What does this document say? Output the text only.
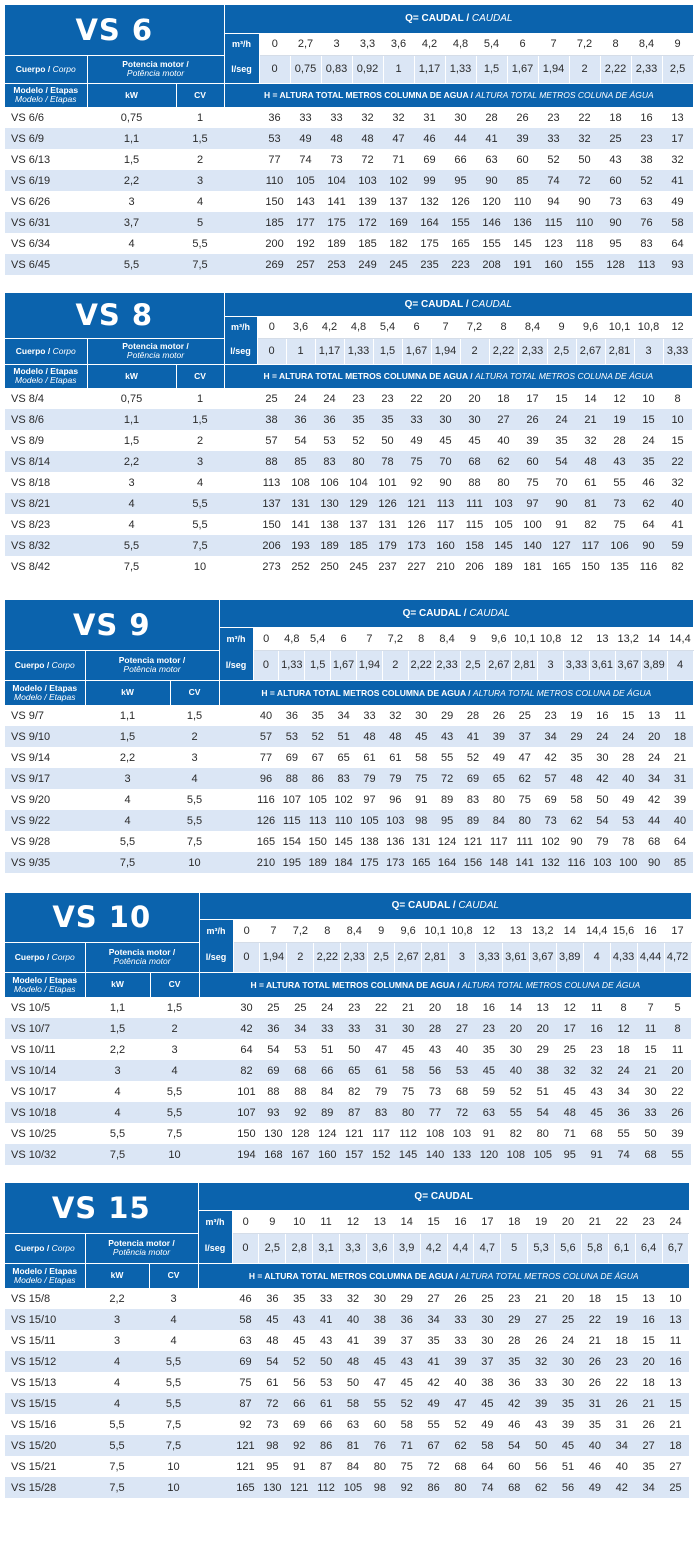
VS 6			Q= CAUDAL / CAUDAL														
			m³/h	0	2,7	3	3,3	3,6	4,2	4,8	5,4	6	7	7,2	8	8,4	9
Cuerpo / Corpo	Potencia motor /
Potência motor		l/seg	0	0,75	0,83	0,92	1	1,17	1,33	1,5	1,67	1,94	2	2,22	2,33	2,5
Modelo / Etapas
Modelo / Etapas	kW	CV	H = ALTURA TOTAL METROS COLUMNA DE AGUA / ALTURA TOTAL METROS COLUNA DE ÁGUA														
VS 6/6	0,75	1		36	33	33	32	32	31	30	28	26	23	22	18	16	13
VS 6/9	1,1	1,5		53	49	48	48	47	46	44	41	39	33	32	25	23	17
VS 6/13	1,5	2		77	74	73	72	71	69	66	63	60	52	50	43	38	32
VS 6/19	2,2	3		110	105	104	103	102	99	95	90	85	74	72	60	52	41
VS 6/26	3	4		150	143	141	139	137	132	126	120	110	94	90	73	63	49
VS 6/31	3,7	5		185	177	175	172	169	164	155	146	136	115	110	90	76	58
VS 6/34	4	5,5		200	192	189	185	182	175	165	155	145	123	118	95	83	64
VS 6/45	5,5	7,5		269	257	253	249	245	235	223	208	191	160	155	128	113	93
VS 8			Q= CAUDAL / CAUDAL															
			m³/h	0	3,6	4,2	4,8	5,4	6	7	7,2	8	8,4	9	9,6	10,1	10,8	12
Cuerpo / Corpo	Potencia motor /
Potência motor		l/seg	0	1	1,17	1,33	1,5	1,67	1,94	2	2,22	2,33	2,5	2,67	2,81	3	3,33
Modelo / Etapas
Modelo / Etapas	kW	CV	H = ALTURA TOTAL METROS COLUMNA DE AGUA / ALTURA TOTAL METROS COLUNA DE ÁGUA															
VS 8/4	0,75	1		25	24	24	23	23	22	20	20	18	17	15	14	12	10	8
VS 8/6	1,1	1,5		38	36	36	35	35	33	30	30	27	26	24	21	19	15	10
VS 8/9	1,5	2		57	54	53	52	50	49	45	45	40	39	35	32	28	24	15
VS 8/14	2,2	3		88	85	83	80	78	75	70	68	62	60	54	48	43	35	22
VS 8/18	3	4		113	108	106	104	101	92	90	88	80	75	70	61	55	46	32
VS 8/21	4	5,5		137	131	130	129	126	121	113	111	103	97	90	81	73	62	40
VS 8/23	4	5,5		150	141	138	137	131	126	117	115	105	100	91	82	75	64	41
VS 8/32	5,5	7,5		206	193	189	185	179	173	160	158	145	140	127	117	106	90	59
VS 8/42	7,5	10		273	252	250	245	237	227	210	206	189	181	165	150	135	116	82
VS 9			Q= CAUDAL / CAUDAL																	
			m³/h	0	4,8	5,4	6	7	7,2	8	8,4	9	9,6	10,1	10,8	12	13	13,2	14	14,4
Cuerpo / Corpo	Potencia motor /
Potência motor		l/seg	0	1,33	1,5	1,67	1,94	2	2,22	2,33	2,5	2,67	2,81	3	3,33	3,61	3,67	3,89	4
Modelo / Etapas
Modelo / Etapas	kW	CV	H = ALTURA TOTAL METROS COLUMNA DE AGUA / ALTURA TOTAL METROS COLUNA DE ÁGUA																	
VS 9/7	1,1	1,5		40	36	35	34	33	32	30	29	28	26	25	23	19	16	15	13	11
VS 9/10	1,5	2		57	53	52	51	48	48	45	43	41	39	37	34	29	24	24	20	18
VS 9/14	2,2	3		77	69	67	65	61	61	58	55	52	49	47	42	35	30	28	24	21
VS 9/17	3	4		96	88	86	83	79	79	75	72	69	65	62	57	48	42	40	34	31
VS 9/20	4	5,5		116	107	105	102	97	96	91	89	83	80	75	69	58	50	49	42	39
VS 9/22	4	5,5		126	115	113	110	105	103	98	95	89	84	80	73	62	54	53	44	40
VS 9/28	5,5	7,5		165	154	150	145	138	136	131	124	121	117	111	102	90	79	78	68	64
VS 9/35	7,5	10		210	195	189	184	175	173	165	164	156	148	141	132	116	103	100	90	85
VS 10			Q= CAUDAL / CAUDAL																	
			m³/h	0	7	7,2	8	8,4	9	9,6	10,1	10,8	12	13	13,2	14	14,4	15,6	16	17
Cuerpo / Corpo	Potencia motor /
Potência motor		l/seg	0	1,94	2	2,22	2,33	2,5	2,67	2,81	3	3,33	3,61	3,67	3,89	4	4,33	4,44	4,72
Modelo / Etapas
Modelo / Etapas	kW	CV	H = ALTURA TOTAL METROS COLUMNA DE AGUA / ALTURA TOTAL METROS COLUNA DE ÁGUA																	
VS 10/5	1,1	1,5		30	25	25	24	23	22	21	20	18	16	14	13	12	11	8	7	5
VS 10/7	1,5	2		42	36	34	33	33	31	30	28	27	23	20	20	17	16	12	11	8
VS 10/11	2,2	3		64	54	53	51	50	47	45	43	40	35	30	29	25	23	18	15	11
VS 10/14	3	4		82	69	68	66	65	61	58	56	53	45	40	38	32	32	24	21	20
VS 10/17	4	5,5		101	88	88	84	82	79	75	73	68	59	52	51	45	43	34	30	22
VS 10/18	4	5,5		107	93	92	89	87	83	80	77	72	63	55	54	48	45	36	33	26
VS 10/25	5,5	7,5		150	130	128	124	121	117	112	108	103	91	82	80	71	68	55	50	39
VS 10/32	7,5	10		194	168	167	160	157	152	145	140	133	120	108	105	95	91	74	68	55
VS 15			Q= CAUDAL																	
			m³/h	0	9	10	11	12	13	14	15	16	17	18	19	20	21	22	23	24
Cuerpo / Corpo	Potencia motor /
Potência motor		l/seg	0	2,5	2,8	3,1	3,3	3,6	3,9	4,2	4,4	4,7	5	5,3	5,6	5,8	6,1	6,4	6,7
Modelo / Etapas
Modelo / Etapas	kW	CV	H = ALTURA TOTAL METROS COLUMNA DE AGUA / ALTURA TOTAL METROS COLUNA DE ÁGUA																	
VS 15/8	2,2	3		46	36	35	33	32	30	29	27	26	25	23	21	20	18	15	13	10
VS 15/10	3	4		58	45	43	41	40	38	36	34	33	30	29	27	25	22	19	16	13
VS 15/11	3	4		63	48	45	43	41	39	37	35	33	30	28	26	24	21	18	15	11
VS 15/12	4	5,5		69	54	52	50	48	45	43	41	39	37	35	32	30	26	23	20	16
VS 15/13	4	5,5		75	61	56	53	50	47	45	42	40	38	36	33	30	26	22	18	13
VS 15/15	4	5,5		87	72	66	61	58	55	52	49	47	45	42	39	35	31	26	21	15
VS 15/16	5,5	7,5		92	73	69	66	63	60	58	55	52	49	46	43	39	35	31	26	21
VS 15/20	5,5	7,5		121	98	92	86	81	76	71	67	62	58	54	50	45	40	34	27	18
VS 15/21	7,5	10		121	95	91	87	84	80	75	72	68	64	60	56	51	46	40	35	27
VS 15/28	7,5	10		165	130	121	112	105	98	92	86	80	74	68	62	56	49	42	34	25
